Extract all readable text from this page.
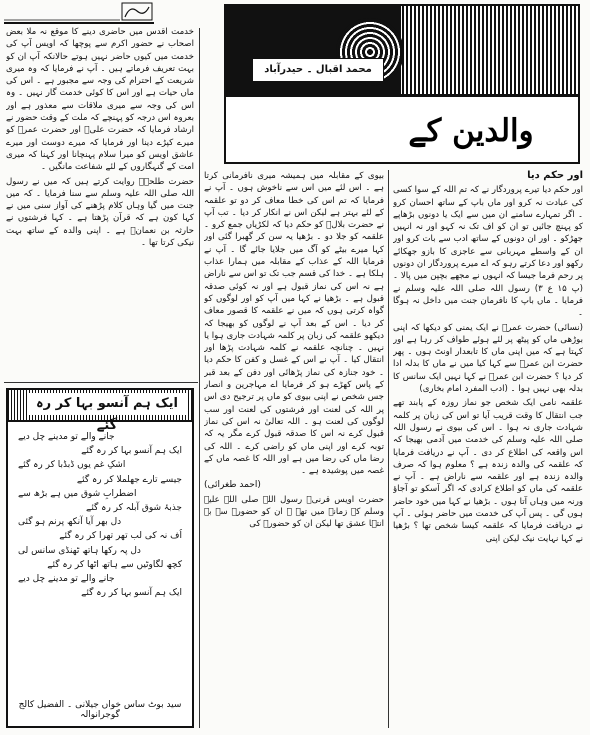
محمد اقبال ۔ حیدرآباد
والدین کے

خدمت اقدس میں حاضری دینے کا موقع نہ ملا بعض اصحاب نے حضور اکرم سے پوچھا کہ اویس آپ کی خدمت میں کیوں حاضر نہیں ہوتے حالانکہ آپ ان کو بہت تعریف فرماتے ہیں ۔ آپ نے فرمایا کہ وہ میری شریعت کے احترام کی وجہ سے مجبور ہے ۔ اس کی ماں حیات ہے اور اس کا کوئی خدمت گار نہیں ۔ وہ اس کی وجہ سے میری ملاقات سے معذور ہے اور بعروہ اس درجہ کو پہنچے کہ ملت کے وقت حضور نے ارشاد فرمایا کہ حضرت علیؓ اور حضرت عمرؓ کو میرے کپڑے دینا اور فرمایا کہ میرے دوست اور میرے عاشق اویس کو میرا سلام پہنچانا اور کہنا کہ میری امت کے گنہگاروں کے لئے شفاعت مانگیں ۔

حضرت طلحہؓ روایت کرتے ہیں کہ میں نے رسول اللہ صلی اللہ علیہ وسلم سے سنا فرمایا ۔ کہ میں جنت میں گیا وہاں کلام پڑھنے کی آواز سنی میں نے کہا کون ہے کہ قرآن پڑھتا ہے ۔ کہا فرشتوں نے حارثہ بن نعمانؓ ہے ۔ اپنی والدہ کے ساتھ بہت نیکی کرتا تھا ۔

ایک ہم آنسو بہا کر رہ گئے
جانے والے تو مدینے چل دیے
ایک ہم آنسو بہا کر رہ گئے
اشکِ غم یوں ڈبڈبا کر رہ گئے
جیسے تارے جھلملا کر رہ گئے
اضطرابِ شوق میں ہے بڑھ سے
جذبۂ شوق آبلہ کر رہ گئے
دل بھر آیا آنکھ پرنم ہو گئی
اُف نہ کی لب تھر تھرا کر رہ گئے
دل پہ رکھا ہاتھ ٹھنڈی سانس لی
کچھ لگاوٹیں سے ہاتھ اٹھا کر رہ گئے
جانے والے تو مدینے چل دیے
ایک ہم آنسو بہا کر رہ گئے
سید بوٹ ساس خواں جیلانی ۔ الفضیل کالج گوجرانوالہ

بیوی کے مقابلہ میں ہمیشہ میری نافرمانی کرتا ہے ۔ اس لئے میں اس سے ناخوش ہوں ۔ آپ نے فرمایا کہ تم اس کی خطا معاف کر دو تو علقمہ کے لئے بہتر ہے لیکن اس نے انکار کر دیا ۔ تب آپ نے حضرت بلالؓ کو حکم دیا کہ لکڑیاں جمع کرو ۔ علقمہ کو جلا دو ۔ بڑھیا یہ سن کر گھبرا گئی اور کہا میرے بیٹے کو آگ میں جلایا جائے گا ۔ آپ نے فرمایا اللہ کے عذاب کے مقابلہ میں ہمارا عذاب ہلکا ہے ۔ خدا کی قسم جب تک تو اس سے ناراض ہے نہ اس کی نماز قبول ہے اور نہ کوئی صدقہ قبول ہے ۔ بڑھیا نے کہا میں آپ کو اور لوگوں کو گواہ کرتی ہوں کہ میں نے علقمہ کا قصور معاف کر دیا ۔ اس کے بعد آپ نے لوگوں کو بھیجا کہ دیکھو علقمہ کی زبان پر کلمہ شہادت جاری ہوا یا نہیں ۔ چنانچہ علقمہ نے کلمہ شہادت پڑھا اور انتقال کیا ۔ آپ نے اس کے غسل و کفن کا حکم دیا ۔ خود جنازہ کی نماز پڑھائی اور دفن کے بعد قبر کے پاس کھڑے ہو کر فرمایا اے مہاجرین و انصار جس شخص نے اپنی بیوی کو ماں پر ترجیح دی اس پر اللہ کی لعنت اور فرشتوں کی لعنت اور سب لوگوں کی لعنت ہو ۔ اللہ تعالیٰ نہ اس کی نماز قبول کرے نہ اس کا صدقہ قبول کرے مگر یہ کہ توبہ کرے اور اپنی ماں کو راضی کرے ۔ اللہ کی رضا ماں کی رضا میں ہے اور اللہ کا غصہ ماں کے غصہ میں پوشیدہ ہے ۔

(احمد طغرائی)

حضرت اویس قرنیؓ رسول اللہ صلی اللہ علیہ وسلم کے زمانہ میں تھے ۔ ان کو حضورؐ سے بے انتہا عشق تھا لیکن ان کو حضورؐ کی

اور حکم دیا

اور حکم دیا تیرے پروردگار نے کہ تم اللہ کے سوا کسی کی عبادت نہ کرو اور ماں باپ کے ساتھ احسان کرو ۔ اگر تمہارے سامنے ان میں سے ایک یا دونوں بڑھاپے کو پہنچ جائیں تو ان کو اف تک نہ کہو اور نہ انہیں جھڑکو ۔ اور ان دونوں کے ساتھ ادب سے بات کرو اور ان کے واسطے مہربانی سے عاجزی کا بازو جھکائے رکھو اور دعا کرتے رہو کہ اے میرے پروردگار ان دونوں پر رحم فرما جیسا کہ انہوں نے مجھے بچپن میں پالا ۔ (پ ۱۵ ع ۳) رسول اللہ صلی اللہ علیہ وسلم نے فرمایا ۔ ماں باپ کا نافرمان جنت میں داخل نہ ہوگا ۔

(نسائی) حضرت عمرؓ نے ایک یمنی کو دیکھا کہ اپنی بوڑھی ماں کو پیٹھ پر لئے ہوئے طواف کر رہا ہے اور کہتا ہے کہ میں اپنی ماں کا تابعدار اونٹ ہوں ۔ پھر حضرت ابن عمرؓ سے کہا کیا میں نے ماں کا بدلہ ادا کر دیا ؟ حضرت ابن عمرؓ نے کہا نہیں ایک سانس کا بدلہ بھی نہیں ہوا ۔ (ادب المفرد امام بخاری)

علقمہ نامی ایک شخص جو نماز روزہ کے پابند تھے جب انتقال کا وقت قریب آیا تو اس کی زبان پر کلمہ شہادت جاری نہ ہوا ۔ اس کی بیوی نے رسول اللہ صلی اللہ علیہ وسلم کی خدمت میں آدمی بھیجا کہ اس واقعہ کی اطلاع کر دی ۔ آپ نے دریافت فرمایا کہ علقمہ کی والدہ زندہ ہے ؟ معلوم ہوا کہ صرف والدہ زندہ ہے اور علقمہ سے ناراض ہے ۔ آپ نے علقمہ کی ماں کو اطلاع کرادی کہ اگر آسکو تو آجاؤ ورنہ میں وہاں آتا ہوں ۔ بڑھیا نے کہا میں خود حاضر ہوں گی ۔ پس آپ کی خدمت میں حاضر ہوئی ۔ آپ نے دریافت فرمایا کہ علقمہ کیسا شخص تھا ؟ بڑھیا نے کہا نہایت نیک لیکن اپنی
